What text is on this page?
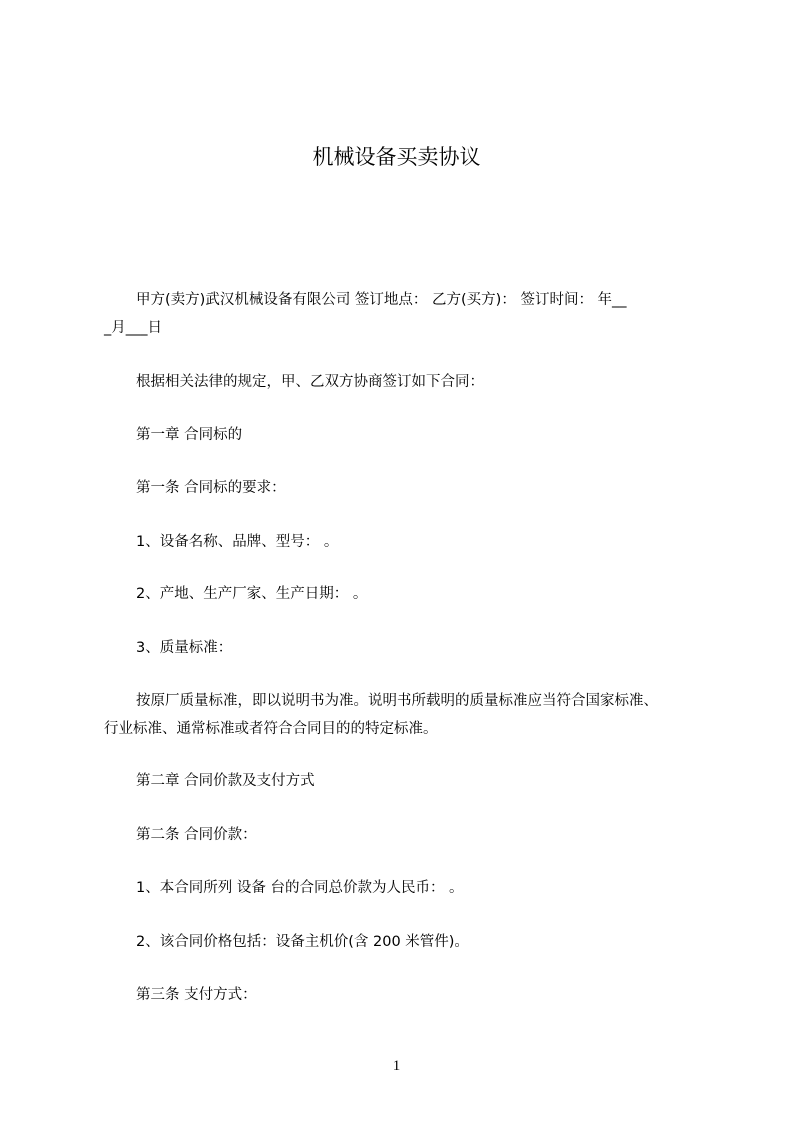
机械设备买卖协议

甲方(卖方)武汉机械设备有限公司 签订地点： 乙方(买方)： 签订时间： 年__

_月___日

根据相关法律的规定，甲、乙双方协商签订如下合同：

第一章 合同标的

第一条 合同标的要求：

1、设备名称、品牌、型号： 。

2、产地、生产厂家、生产日期： 。

3、质量标准：

按原厂质量标准，即以说明书为准。说明书所载明的质量标准应当符合国家标准、

行业标准、通常标准或者符合合同目的的特定标准。

第二章 合同价款及支付方式

第二条 合同价款：

1、本合同所列 设备 台的合同总价款为人民币： 。

2、该合同价格包括：设备主机价(含 200 米管件)。

第三条 支付方式：

1
